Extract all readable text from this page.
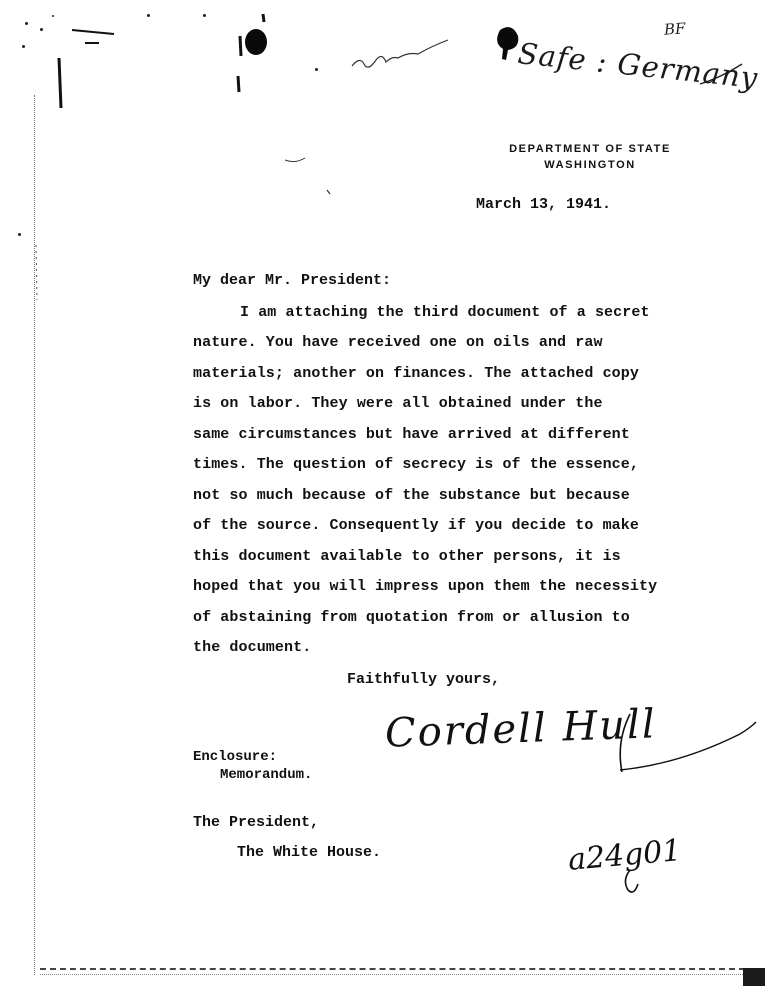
Safe : Germany
BF
DEPARTMENT OF STATE
WASHINGTON
March 13, 1941.
My dear Mr. President:
I am attaching the third document of a secret
nature. You have received one on oils and raw
materials; another on finances. The attached copy
is on labor. They were all obtained under the
same circumstances but have arrived at different
times. The question of secrecy is of the essence,
not so much because of the substance but because
of the source. Consequently if you decide to make
this document available to other persons, it is
hoped that you will impress upon them the necessity
of abstaining from quotation from or allusion to
the document.
Faithfully yours,
Cordell Hull
Enclosure:
Memorandum.
The President,
The White House.	a24g01
